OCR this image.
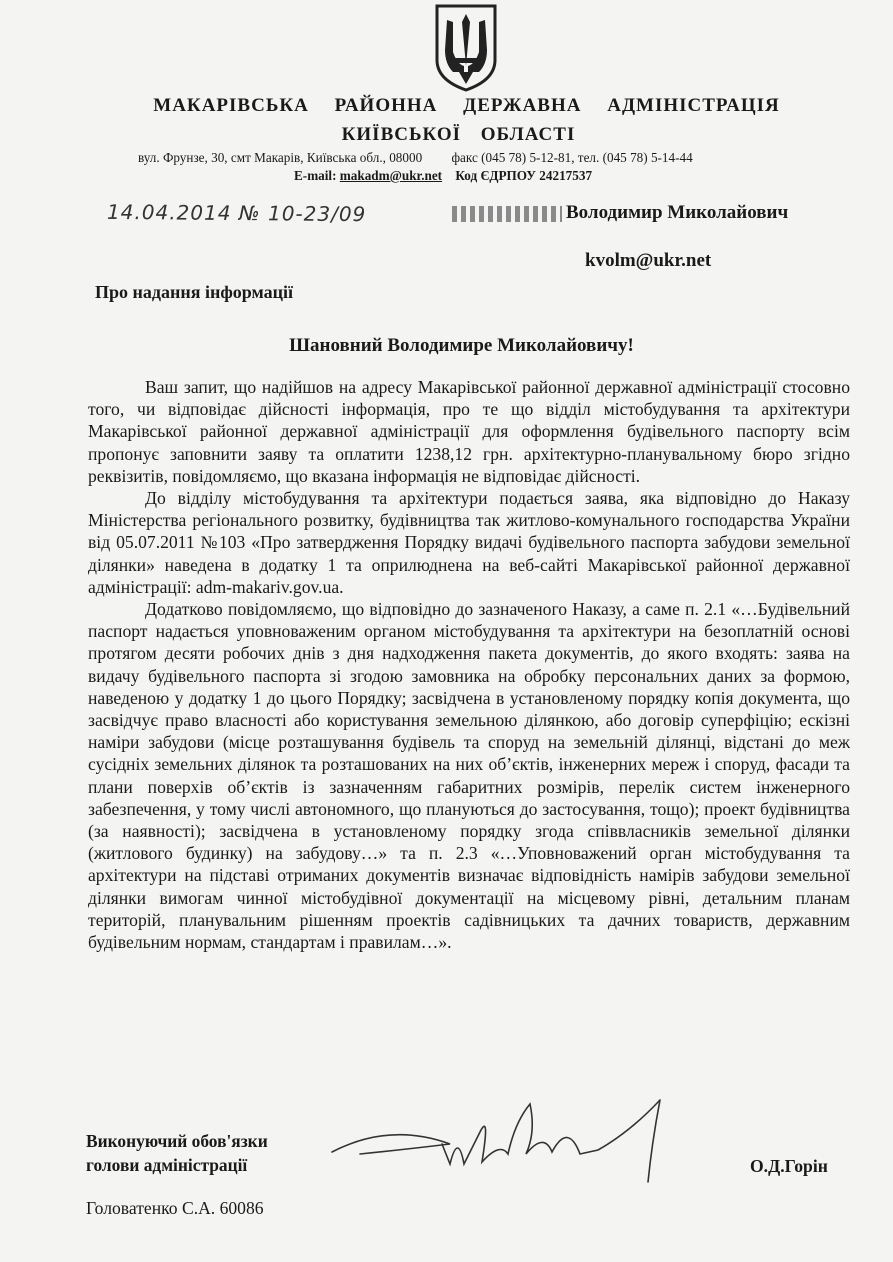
МАКАРІВСЬКА РАЙОННА ДЕРЖАВНА АДМІНІСТРАЦІЯ
КИЇВСЬКОЇ ОБЛАСТІ
вул. Фрунзе, 30, смт Макарів, Київська обл., 08000 факс (045 78) 5-12-81, тел. (045 78) 5-14-44
E-mail: makadm@ukr.net Код ЄДРПОУ 24217537
14.04.2014 № 10-23/09	Володимир Миколайович
kvolm@ukr.net
Про надання інформації
Шановний Володимире Миколайовичу!

Ваш запит, що надійшов на адресу Макарівської районної державної адміністрації стосовно того, чи відповідає дійсності інформація, про те що відділ містобудування та архітектури Макарівської районної державної адміністрації для оформлення будівельного паспорту всім пропонує заповнити заяву та оплатити 1238,12 грн. архітектурно-планувальному бюро згідно реквізитів, повідомляємо, що вказана інформація не відповідає дійсності.

До відділу містобудування та архітектури подається заява, яка відповідно до Наказу Міністерства регіонального розвитку, будівництва так житлово-комунального господарства України від 05.07.2011 №103 «Про затвердження Порядку видачі будівельного паспорта забудови земельної ділянки» наведена в додатку 1 та оприлюднена на веб-сайті Макарівської районної державної адміністрації: adm-makariv.gov.ua.

Додатково повідомляємо, що відповідно до зазначеного Наказу, а саме п. 2.1 «…Будівельний паспорт надається уповноваженим органом містобудування та архітектури на безоплатній основі протягом десяти робочих днів з дня надходження пакета документів, до якого входять: заява на видачу будівельного паспорта зі згодою замовника на обробку персональних даних за формою, наведеною у додатку 1 до цього Порядку; засвідчена в установленому порядку копія документа, що засвідчує право власності або користування земельною ділянкою, або договір суперфіцію; ескізні наміри забудови (місце розташування будівель та споруд на земельній ділянці, відстані до меж сусідніх земельних ділянок та розташованих на них об’єктів, інженерних мереж і споруд, фасади та плани поверхів об’єктів із зазначенням габаритних розмірів, перелік систем інженерного забезпечення, у тому числі автономного, що плануються до застосування, тощо); проект будівництва (за наявності); засвідчена в установленому порядку згода співвласників земельної ділянки (житлового будинку) на забудову…» та п. 2.3 «…Уповноважений орган містобудування та архітектури на підставі отриманих документів визначає відповідність намірів забудови земельної ділянки вимогам чинної містобудівної документації на місцевому рівні, детальним планам територій, планувальним рішенням проектів садівницьких та дачних товариств, державним будівельним нормам, стандартам і правилам…».

Виконуючий обов'язки
голови адміністрації	О.Д.Горін
Головатенко С.А. 60086
